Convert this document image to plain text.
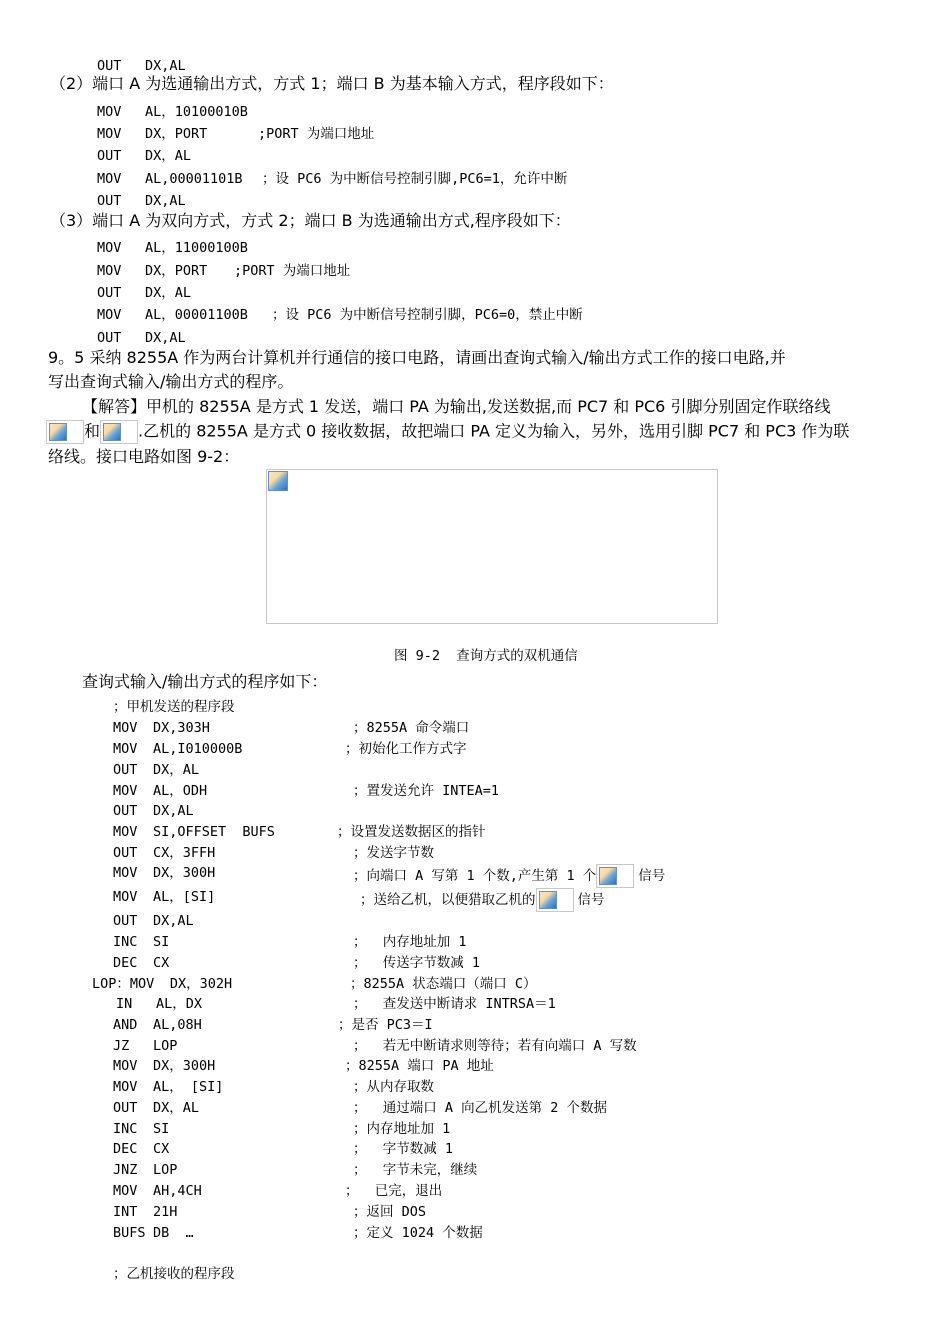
OUT DX,AL
（2）端口 A 为选通输出方式，方式 1；端口 B 为基本输入方式，程序段如下：
MOV AL，10100010B
MOV DX，PORT	;PORT 为端口地址
OUT DX，AL
MOV AL,00001101B ；设 PC6 为中断信号控制引脚,PC6=1，允许中断
OUT DX,AL
（3）端口 A 为双向方式，方式 2；端口 B 为选通输出方式,程序段如下：
MOV AL，11000100B
MOV DX，PORT ;PORT 为端口地址
OUT DX，AL
MOV AL，00001100B ；设 PC6 为中断信号控制引脚，PC6=0，禁止中断
OUT DX,AL
9。5 采纳 8255A 作为两台计算机并行通信的接口电路，请画出查询式输入/输出方式工作的接口电路,并
写出查询式输入/输出方式的程序。
【解答】甲机的 8255A 是方式 1 发送，端口 PA 为输出,发送数据,而 PC7 和 PC6 引脚分别固定作联络线
和 .乙机的 8255A 是方式 0 接收数据，故把端口 PA 定义为输入，另外，选用引脚 PC7 和 PC3 作为联
络线。接口电路如图 9-2：
图 9-2  查询方式的双机通信
查询式输入/输出方式的程序如下：
；甲机发送的程序段
MOV DX,303H	；8255A 命令端口
MOV AL,I010000B	；初始化工作方式字
OUT DX，AL
MOV AL，ODH	；置发送允许 INTEA=1
OUT DX,AL
MOV SI,OFFSET  BUFS	；设置发送数据区的指针
OUT CX，3FFH	；发送字节数
MOV DX，300H	；向端口 A 写第 1 个数,产生第 1 个	信号
MOV AL，[SI]	；送给乙机，以便猎取乙机的	信号
OUT DX,AL
INC SI	；  内存地址加 1
DEC CX	；  传送字节数减 1
LOP：MOV DX，302H	；8255A 状态端口（端口 C）
IN AL，DX	；  查发送中断请求 INTRSA＝1
AND AL,08H	；是否 PC3＝I
JZ LOP	；  若无中断请求则等待；若有向端口 A 写数
MOV DX，300H	；8255A 端口 PA 地址
MOV AL， [SI]	；从内存取数
OUT DX，AL	；  通过端口 A 向乙机发送第 2 个数据
INC SI	；内存地址加 1
DEC CX	；  字节数减 1
JNZ LOP	；  字节未完，继续
MOV AH,4CH	；  已完，退出
INT 21H	；返回 DOS
BUFS DB  …	；定义 1024 个数据
；乙机接收的程序段
